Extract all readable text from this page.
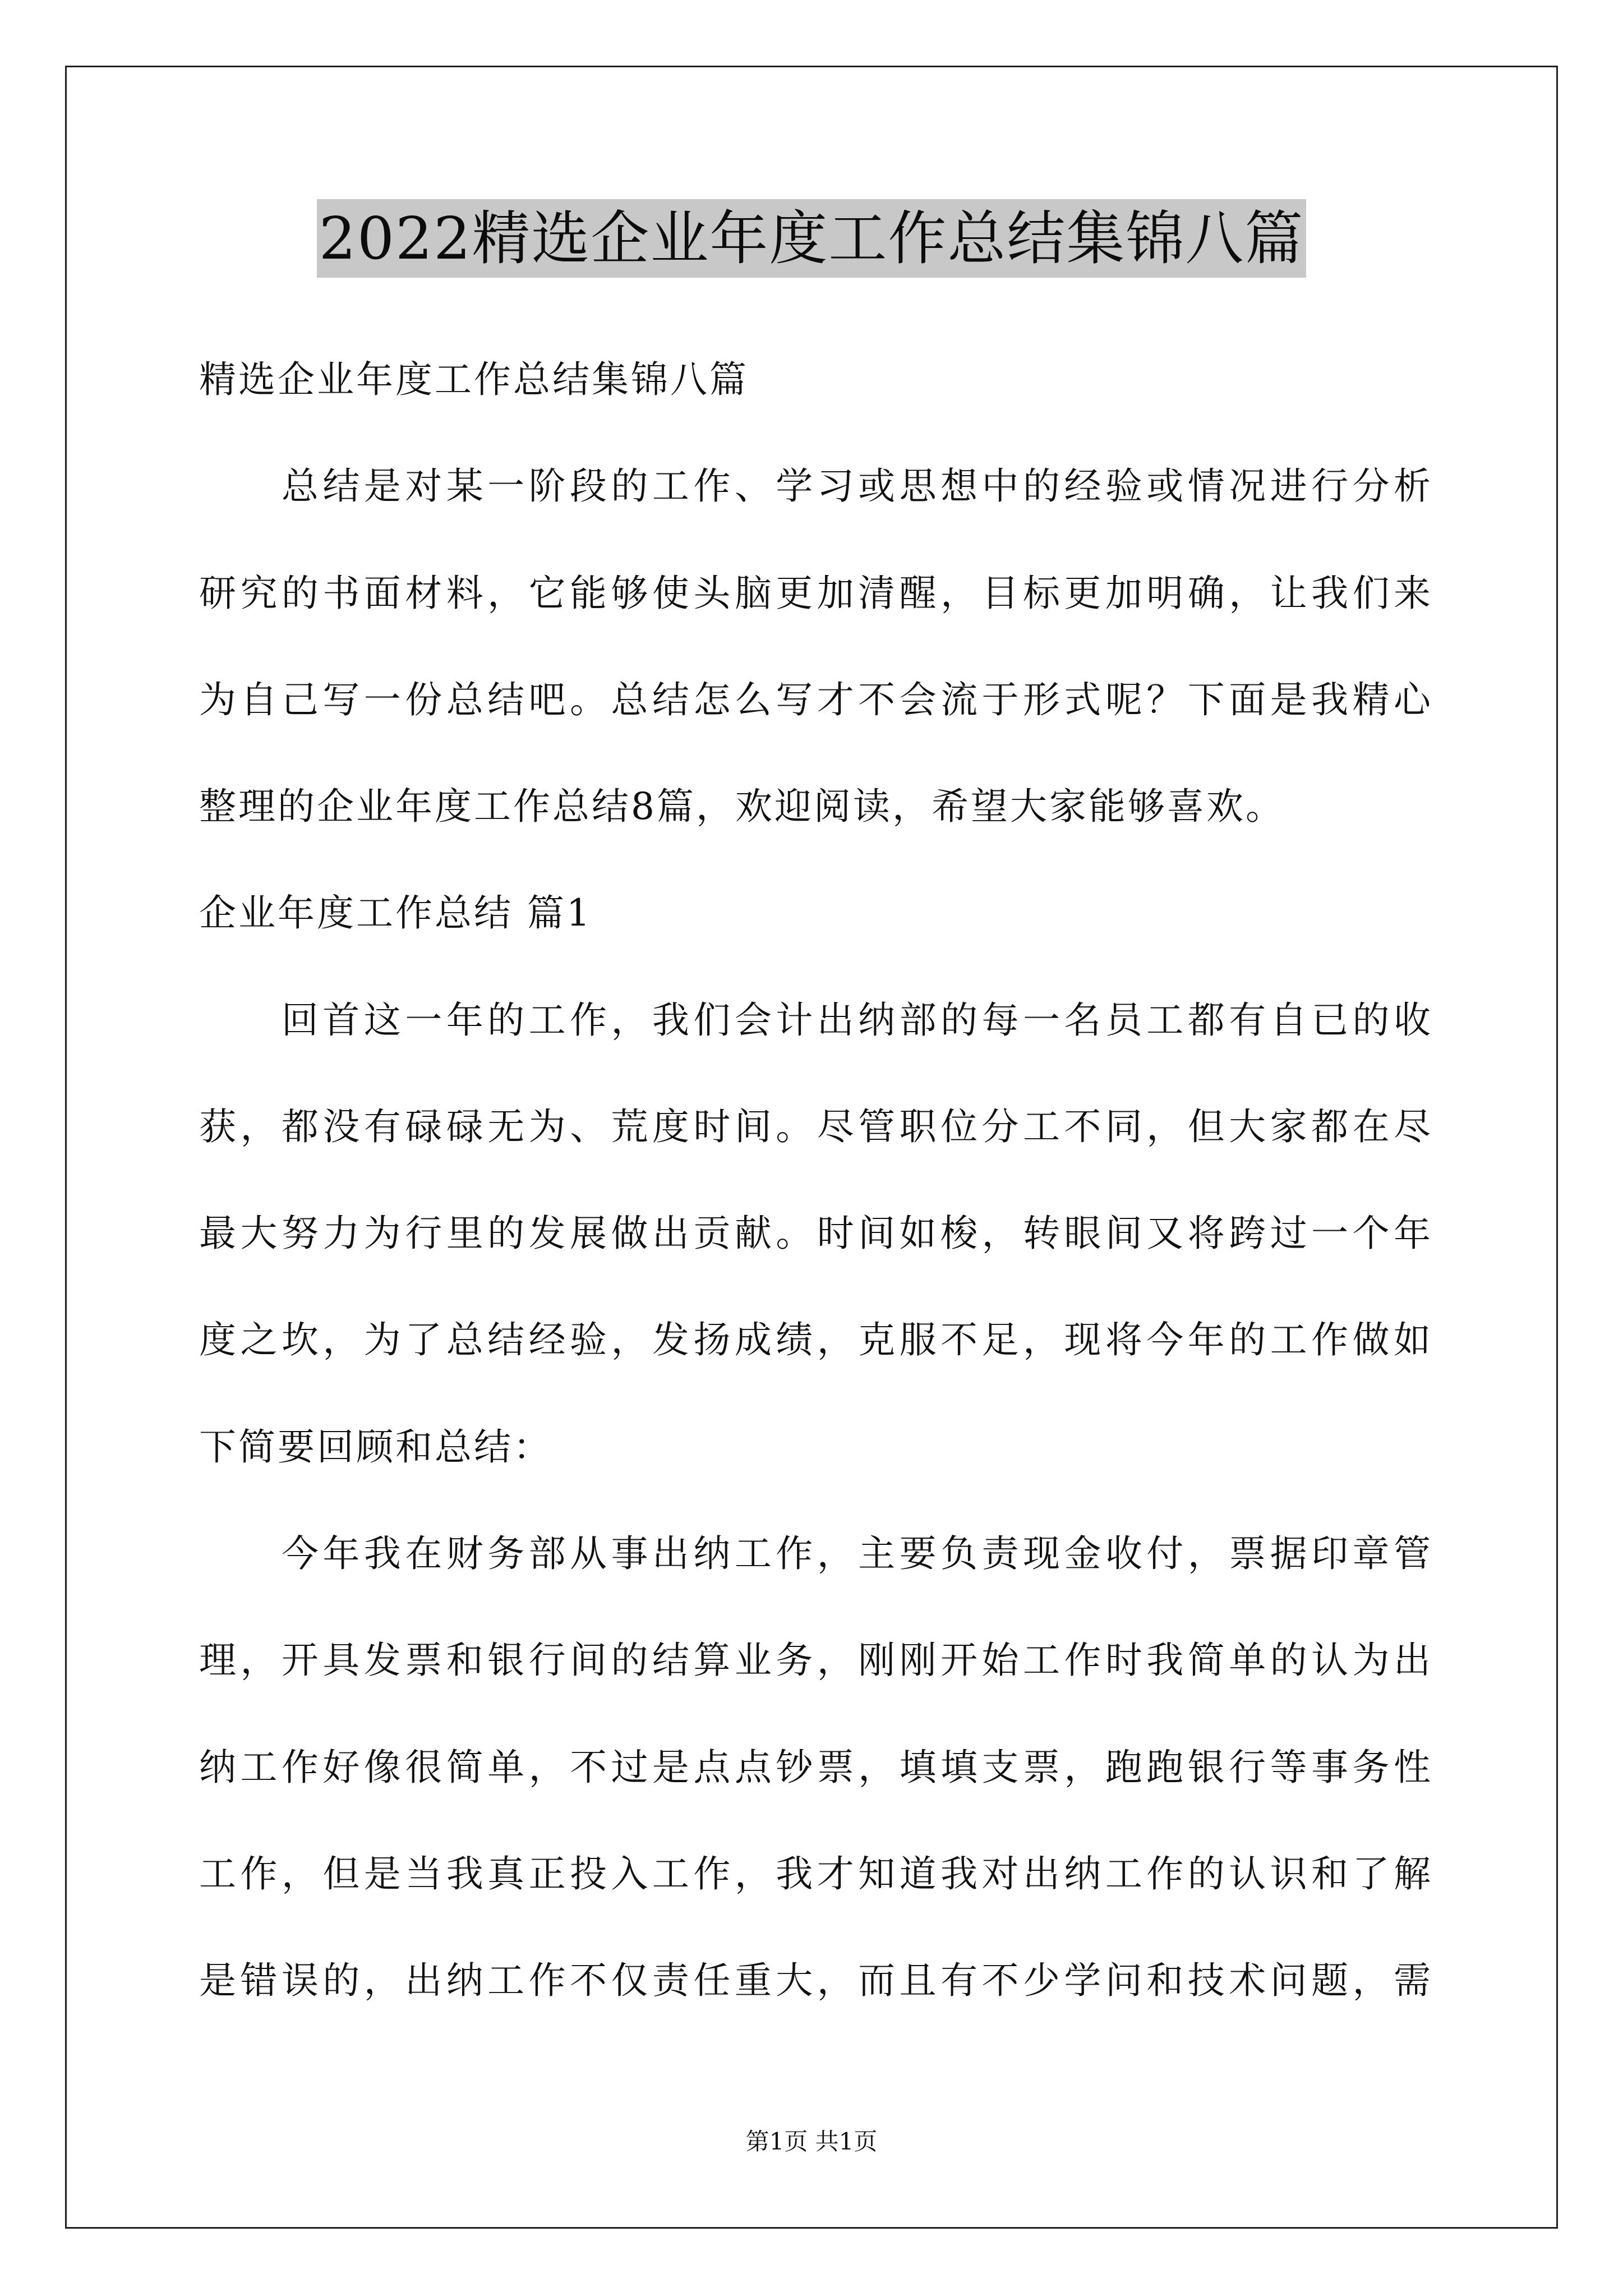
2022精选企业年度工作总结集锦八篇
精选企业年度工作总结集锦八篇
　　总结是对某一阶段的工作、学习或思想中的经验或情况进行分析
研究的书面材料，它能够使头脑更加清醒，目标更加明确，让我们来
为自己写一份总结吧。总结怎么写才不会流于形式呢？下面是我精心
整理的企业年度工作总结8篇，欢迎阅读，希望大家能够喜欢。
企业年度工作总结 篇1
　　回首这一年的工作，我们会计出纳部的每一名员工都有自已的收
获，都没有碌碌无为、荒度时间。尽管职位分工不同，但大家都在尽
最大努力为行里的发展做出贡献。时间如梭，转眼间又将跨过一个年
度之坎，为了总结经验，发扬成绩，克服不足，现将今年的工作做如
下简要回顾和总结：
　　今年我在财务部从事出纳工作，主要负责现金收付，票据印章管
理，开具发票和银行间的结算业务，刚刚开始工作时我简单的认为出
纳工作好像很简单，不过是点点钞票，填填支票，跑跑银行等事务性
工作，但是当我真正投入工作，我才知道我对出纳工作的认识和了解
是错误的，出纳工作不仅责任重大，而且有不少学问和技术问题，需
第1页 共1页
